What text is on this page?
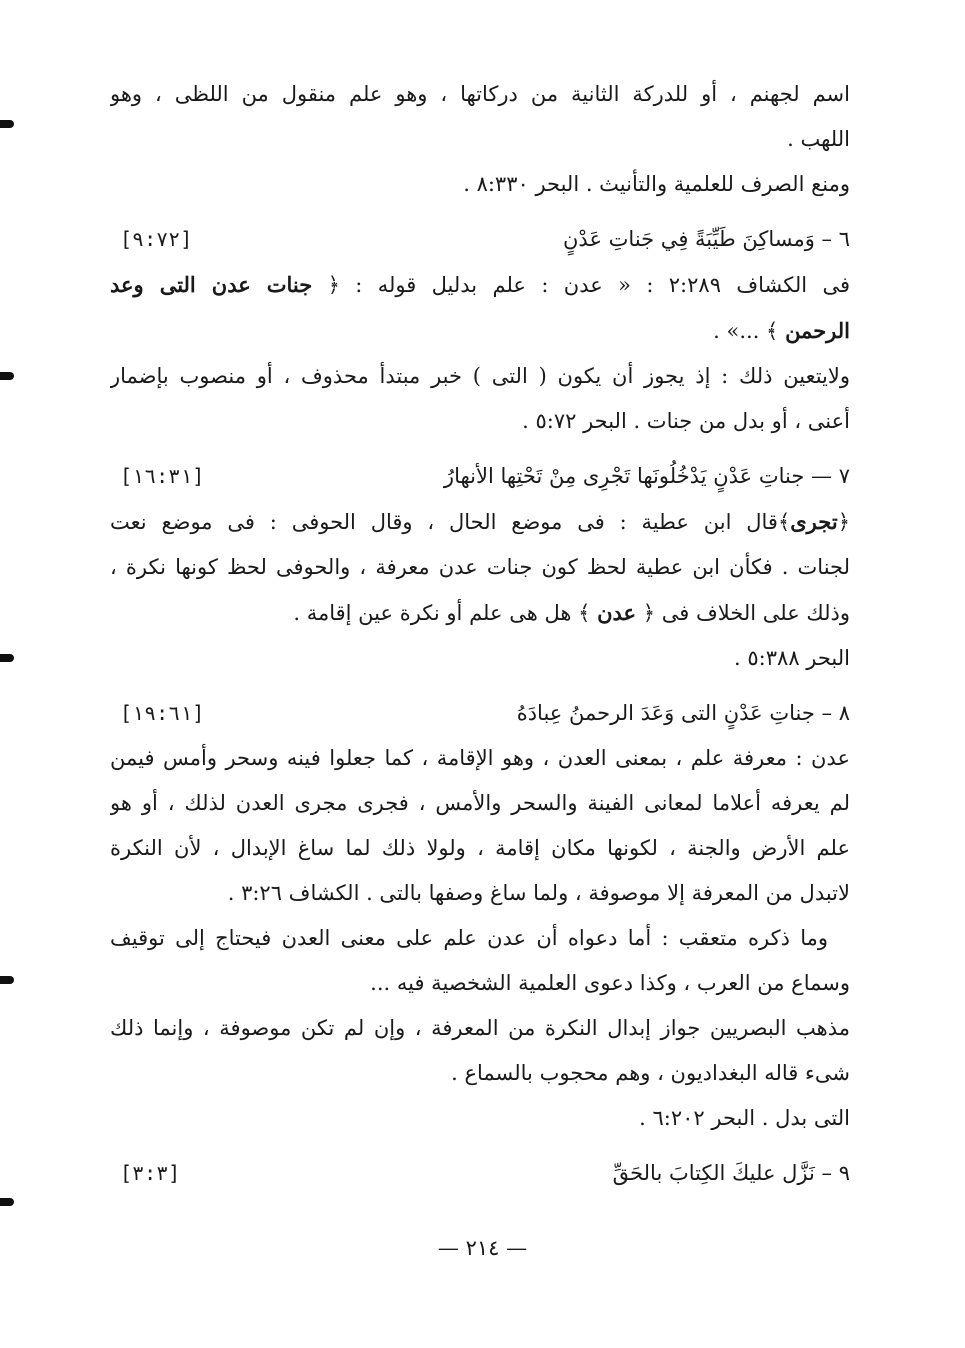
اسم لجهنم ، أو للدركة الثانية من دركاتها ، وهو علم منقول من اللظى ، وهو
اللهب .
ومنع الصرف للعلمية والتأنيث . البحر ٨:٣٣٠ .
٦ – وَمساكِنَ طَيِّبَةً فِي جَناتِ عَدْنٍ
[٩:٧٢]
فى الكشاف ٢:٢٨٩ : « عدن : علم بدليل قوله : ﴿ جنات عدن التى وعد
الرحمن ﴾ ...» .
ولايتعين ذلك : إذ يجوز أن يكون ( التى ) خبر مبتدأ محذوف ، أو منصوب بإضمار
أعنى ، أو بدل من جنات . البحر ٥:٧٢ .
٧ — جناتِ عَدْنٍ يَدْخُلُونَها تَجْرِى مِنْ تَحْتِها الأنهارُ
[١٦:٣١]
﴿تجرى﴾قال ابن عطية : فى موضع الحال ، وقال الحوفى : فى موضع نعت
لجنات . فكأن ابن عطية لحظ كون جنات عدن معرفة ، والحوفى لحظ كونها نكرة ،
وذلك على الخلاف فى ﴿ عدن ﴾ هل هى علم أو نكرة عين إقامة .
البحر ٥:٣٨٨ .
٨ – جناتِ عَدْنٍ التى وَعَدَ الرحمنُ عِبادَهُ
[١٩:٦١]
عدن : معرفة علم ، بمعنى العدن ، وهو الإقامة ، كما جعلوا فينه وسحر وأمس فيمن
لم يعرفه أعلاما لمعانى الفينة والسحر والأمس ، فجرى مجرى العدن لذلك ، أو هو
علم الأرض والجنة ، لكونها مكان إقامة ، ولولا ذلك لما ساغ الإبدال ، لأن النكرة
لاتبدل من المعرفة إلا موصوفة ، ولما ساغ وصفها بالتى . الكشاف ٣:٢٦ .
وما ذكره متعقب : أما دعواه أن عدن علم على معنى العدن فيحتاج إلى توقيف
وسماع من العرب ، وكذا دعوى العلمية الشخصية فيه ...
مذهب البصريين جواز إبدال النكرة من المعرفة ، وإن لم تكن موصوفة ، وإنما ذلك
شىء قاله البغداديون ، وهم محجوب بالسماع .
التى بدل . البحر ٦:٢٠٢ .
٩ – نَزَّل عليكَ الكِتابَ بالحَقِّ
[٣:٣]
— ٢١٤ —
